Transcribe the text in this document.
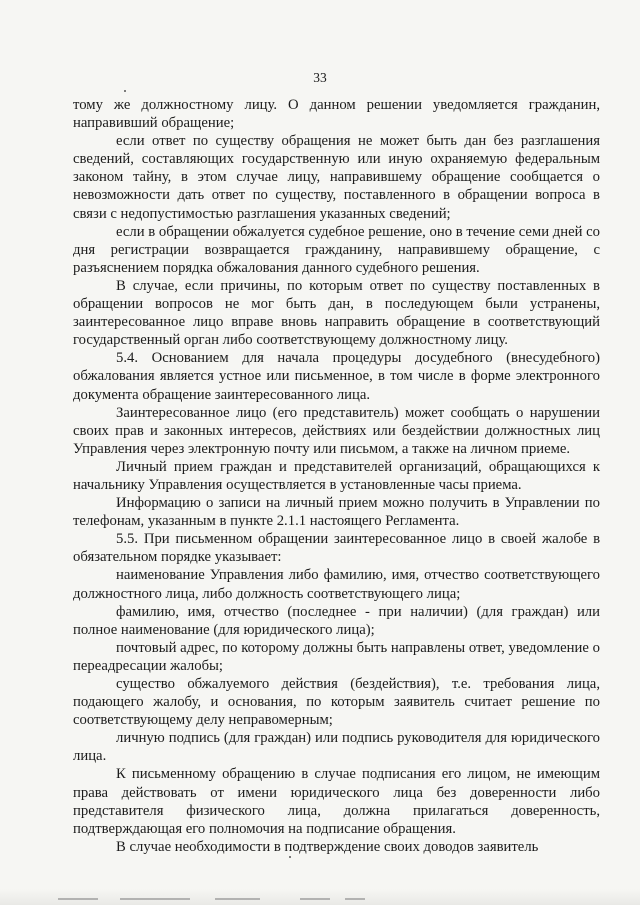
33

тому же должностному лицу. О данном решении уведомляется гражданин, направивший обращение;

если ответ по существу обращения не может быть дан без разглашения сведений, составляющих государственную или иную охраняемую федеральным законом тайну, в этом случае лицу, направившему обращение сообщается о невозможности дать ответ по существу, поставленного в обращении вопроса в связи с недопустимостью разглашения указанных сведений;

если в обращении обжалуется судебное решение, оно в течение семи дней со дня регистрации возвращается гражданину, направившему обращение, с разъяснением порядка обжалования данного судебного решения.

В случае, если причины, по которым ответ по существу поставленных в обращении вопросов не мог быть дан, в последующем были устранены, заинтересованное лицо вправе вновь направить обращение в соответствующий государственный орган либо соответствующему должностному лицу.

5.4. Основанием для начала процедуры досудебного (внесудебного) обжалования является устное или письменное, в том числе в форме электронного документа обращение заинтересованного лица.

Заинтересованное лицо (его представитель) может сообщать о нарушении своих прав и законных интересов, действиях или бездействии должностных лиц Управления через электронную почту или письмом, а также на личном приеме.

Личный прием граждан и представителей организаций, обращающихся к начальнику Управления осуществляется в установленные часы приема.

Информацию о записи на личный прием можно получить в Управлении по телефонам, указанным в пункте 2.1.1 настоящего Регламента.

5.5. При письменном обращении заинтересованное лицо в своей жалобе в обязательном порядке указывает:

наименование Управления либо фамилию, имя, отчество соответствующего должностного лица, либо должность соответствующего лица;

фамилию, имя, отчество (последнее - при наличии) (для граждан) или полное наименование (для юридического лица);

почтовый адрес, по которому должны быть направлены ответ, уведомление о переадресации жалобы;

существо обжалуемого действия (бездействия), т.е. требования лица, подающего жалобу, и основания, по которым заявитель считает решение по соответствующему делу неправомерным;

личную подпись (для граждан) или подпись руководителя для юридического лица.

К письменному обращению в случае подписания его лицом, не имеющим права действовать от имени юридического лица без доверенности либо представителя физического лица, должна прилагаться доверенность, подтверждающая его полномочия на подписание обращения.

В случае необходимости в подтверждение своих доводов заявитель
